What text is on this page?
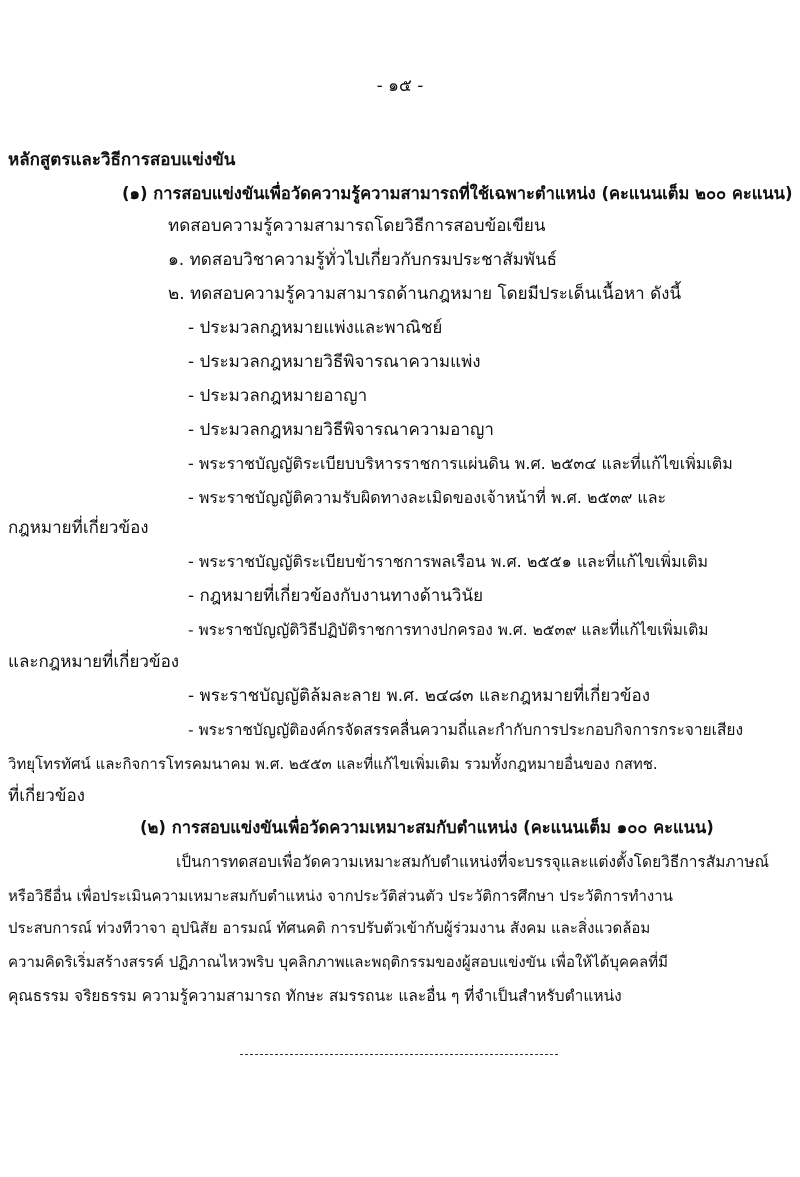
- ๑๕ -
หลักสูตรและวิธีการสอบแข่งขัน
(๑) การสอบแข่งขันเพื่อวัดความรู้ความสามารถที่ใช้เฉพาะตำแหน่ง (คะแนนเต็ม ๒๐๐ คะแนน)
ทดสอบความรู้ความสามารถโดยวิธีการสอบข้อเขียน
๑. ทดสอบวิชาความรู้ทั่วไปเกี่ยวกับกรมประชาสัมพันธ์
๒. ทดสอบความรู้ความสามารถด้านกฎหมาย โดยมีประเด็นเนื้อหา ดังนี้
- ประมวลกฎหมายแพ่งและพาณิชย์
- ประมวลกฎหมายวิธีพิจารณาความแพ่ง
- ประมวลกฎหมายอาญา
- ประมวลกฎหมายวิธีพิจารณาความอาญา
- พระราชบัญญัติระเบียบบริหารราชการแผ่นดิน พ.ศ. ๒๕๓๔ และที่แก้ไขเพิ่มเติม
- พระราชบัญญัติความรับผิดทางละเมิดของเจ้าหน้าที่ พ.ศ. ๒๕๓๙ และ
กฎหมายที่เกี่ยวข้อง
- พระราชบัญญัติระเบียบข้าราชการพลเรือน พ.ศ. ๒๕๕๑ และที่แก้ไขเพิ่มเติม
- กฎหมายที่เกี่ยวข้องกับงานทางด้านวินัย
- พระราชบัญญัติวิธีปฏิบัติราชการทางปกครอง พ.ศ. ๒๕๓๙ และที่แก้ไขเพิ่มเติม
และกฎหมายที่เกี่ยวข้อง
- พระราชบัญญัติล้มละลาย พ.ศ. ๒๔๘๓ และกฎหมายที่เกี่ยวข้อง
- พระราชบัญญัติองค์กรจัดสรรคลื่นความถี่และกำกับการประกอบกิจการกระจายเสียง
วิทยุโทรทัศน์ และกิจการโทรคมนาคม พ.ศ. ๒๕๕๓ และที่แก้ไขเพิ่มเติม รวมทั้งกฎหมายอื่นของ กสทช.
ที่เกี่ยวข้อง
(๒) การสอบแข่งขันเพื่อวัดความเหมาะสมกับตำแหน่ง (คะแนนเต็ม ๑๐๐ คะแนน)
เป็นการทดสอบเพื่อวัดความเหมาะสมกับตำแหน่งที่จะบรรจุและแต่งตั้งโดยวิธีการสัมภาษณ์
หรือวิธีอื่น เพื่อประเมินความเหมาะสมกับตำแหน่ง จากประวัติส่วนตัว ประวัติการศึกษา ประวัติการทำงาน
ประสบการณ์ ท่วงทีวาจา อุปนิสัย อารมณ์ ทัศนคติ การปรับตัวเข้ากับผู้ร่วมงาน สังคม และสิ่งแวดล้อม
ความคิดริเริ่มสร้างสรรค์ ปฏิภาณไหวพริบ บุคลิกภาพและพฤติกรรมของผู้สอบแข่งขัน เพื่อให้ได้บุคคลที่มี
คุณธรรม จริยธรรม ความรู้ความสามารถ ทักษะ สมรรถนะ และอื่น ๆ ที่จำเป็นสำหรับตำแหน่ง
